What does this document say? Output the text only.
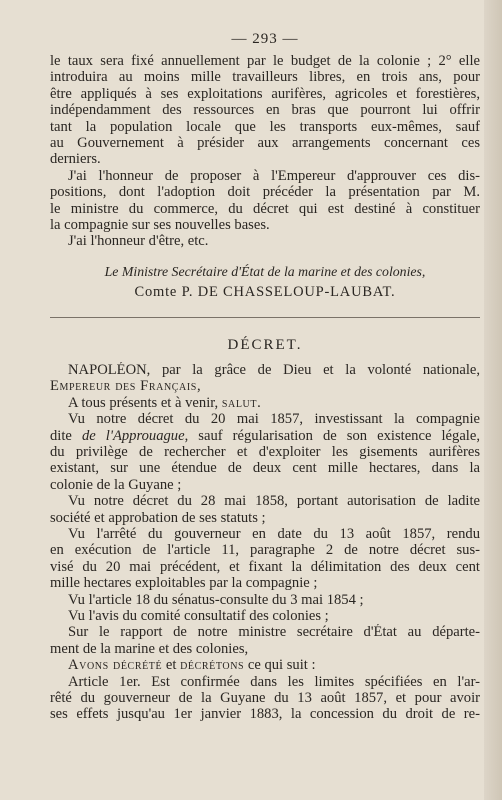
— 293 —
le taux sera fixé annuellement par le budget de la colonie ; 2° elle
introduira au moins mille travailleurs libres, en trois ans, pour
être appliqués à ses exploitations aurifères, agricoles et forestières,
indépendamment des ressources en bras que pourront lui offrir
tant la population locale que les transports eux-mêmes, sauf
au Gouvernement à présider aux arrangements concernant ces
derniers.
J'ai l'honneur de proposer à l'Empereur d'approuver ces dis-
positions, dont l'adoption doit précéder la présentation par M.
le ministre du commerce, du décret qui est destiné à constituer
la compagnie sur ses nouvelles bases.
J'ai l'honneur d'être, etc.
Le Ministre Secrétaire d'État de la marine et des colonies,
Comte P. DE CHASSELOUP-LAUBAT.
DÉCRET.
NAPOLÉON, par la grâce de Dieu et la volonté nationale,
Empereur des Français,
A tous présents et à venir, salut.
Vu notre décret du 20 mai 1857, investissant la compagnie
dite de l'Approuague, sauf régularisation de son existence légale,
du privilège de rechercher et d'exploiter les gisements aurifères
existant, sur une étendue de deux cent mille hectares, dans la
colonie de la Guyane ;
Vu notre décret du 28 mai 1858, portant autorisation de ladite
société et approbation de ses statuts ;
Vu l'arrêté du gouverneur en date du 13 août 1857, rendu
en exécution de l'article 11, paragraphe 2 de notre décret sus-
visé du 20 mai précédent, et fixant la délimitation des deux cent
mille hectares exploitables par la compagnie ;
Vu l'article 18 du sénatus-consulte du 3 mai 1854 ;
Vu l'avis du comité consultatif des colonies ;
Sur le rapport de notre ministre secrétaire d'État au départe-
ment de la marine et des colonies,
Avons décrété et décrétons ce qui suit :
Article 1er. Est confirmée dans les limites spécifiées en l'ar-
rêté du gouverneur de la Guyane du 13 août 1857, et pour avoir
ses effets jusqu'au 1er janvier 1883, la concession du droit de re-
